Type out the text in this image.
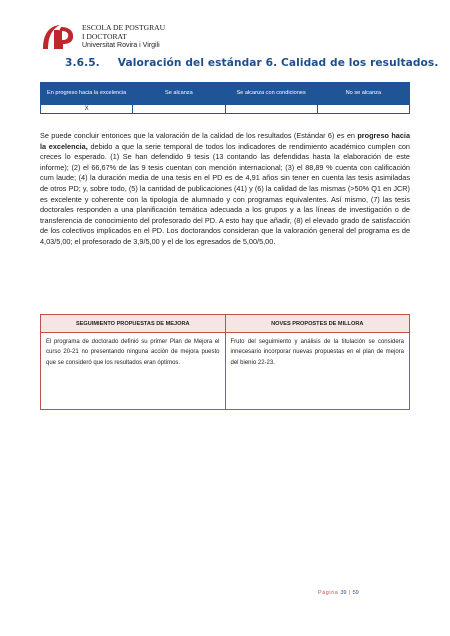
ESCOLA DE POSTGRAU
I DOCTORAT
Universitat Rovira i Virgili
3.6.5. Valoración del estándar 6. Calidad de los resultados.
En progreso hacia la excelencia	Se alcanza	Se alcanza con condiciones	No se alcanza
X			
Se puede concluir entonces que la valoración de la calidad de los resultados (Estándar 6) es en progreso hacia la excelencia, debido a que la serie temporal de todos los indicadores de rendimiento académico cumplen con creces lo esperado. (1) Se han defendido 9 tesis (13 contando las defendidas hasta la elaboración de este informe); (2) el 66,67% de las 9 tesis cuentan con mención internacional; (3) el 88,89 % cuenta con calificación cum laude; (4) la duración media de una tesis en el PD es de 4,91 años sin tener en cuenta las tesis asimiladas de otros PD; y, sobre todo, (5) la cantidad de publicaciones (41) y (6) la calidad de las mismas (>50% Q1 en JCR) es excelente y coherente con la tipología de alumnado y con programas equivalentes. Así mismo, (7) las tesis doctorales responden a una planificación temática adecuada a los grupos y a las líneas de investigación o de transferencia de conocimiento del profesorado del PD. A esto hay que añadir, (8) el elevado grado de satisfacción de los colectivos implicados en el PD. Los doctorandos consideran que la valoración general del programa es de 4,03/5,00; el profesorado de 3,9/5,00 y el de los egresados de 5,00/5,00.
SEGUIMIENTO PROPUESTAS DE MEJORA	NOVES PROPOSTES DE MILLORA
El programa de doctorado definió su primer Plan de Mejora el curso 20-21 no presentando ninguna acción de mejora puesto que se consideró que los resultados eran óptimos.	Fruto del seguimiento y análisis de la titulación se considera innecesario incorporar nuevas propuestas en el plan de mejora del bienio 22-23.
Página 39 | 59
